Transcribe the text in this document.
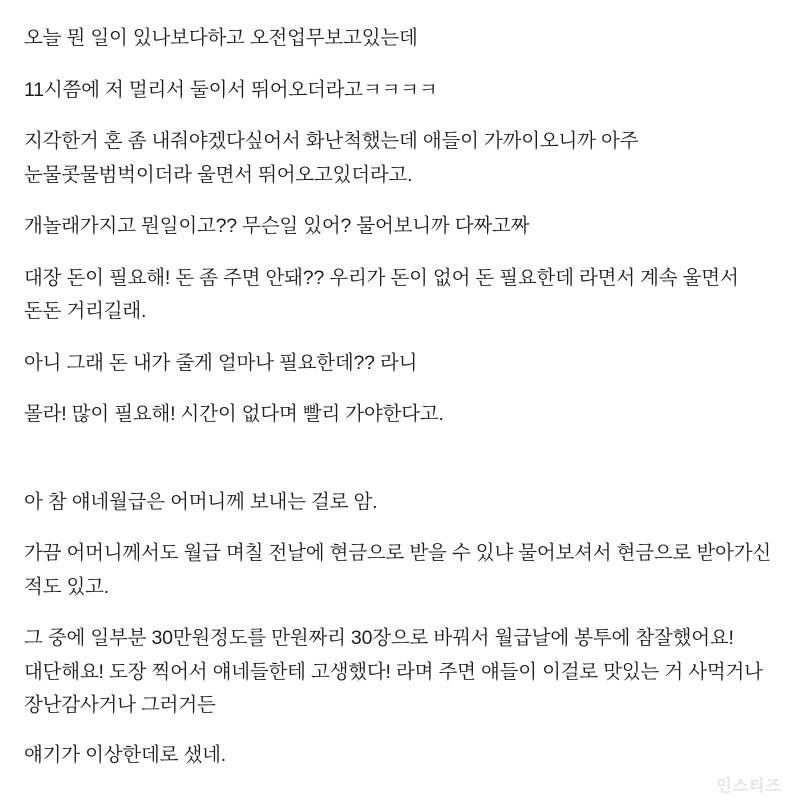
오늘 뭔 일이 있나보다하고 오전업무보고있는데

11시쯤에 저 멀리서 둘이서 뛰어오더라고ㅋㅋㅋㅋ

지각한거 혼 좀 내줘야겠다싶어서 화난척했는데 애들이 가까이오니까 아주 눈물콧물범벅이더라 울면서 뛰어오고있더라고.

개놀래가지고 뭔일이고?? 무슨일 있어? 물어보니까 다짜고짜

대장 돈이 필요해! 돈 좀 주면 안돼?? 우리가 돈이 없어 돈 필요한데 라면서 계속 울면서 돈돈 거리길래.

아니 그래 돈 내가 줄게 얼마나 필요한데?? 라니

몰라! 많이 필요해! 시간이 없다며 빨리 가야한다고.

아 참 얘네월급은 어머니께 보내는 걸로 암.

가끔 어머니께서도 월급 며칠 전날에 현금으로 받을 수 있냐 물어보셔서 현금으로 받아가신 적도 있고.

그 중에 일부분 30만원정도를 만원짜리 30장으로 바꿔서 월급날에 봉투에 참잘했어요! 대단해요! 도장 찍어서 얘네들한테 고생했다! 라며 주면 얘들이 이걸로 맛있는 거 사먹거나 장난감사거나 그러거든

얘기가 이상한데로 샜네.

인스티즈
